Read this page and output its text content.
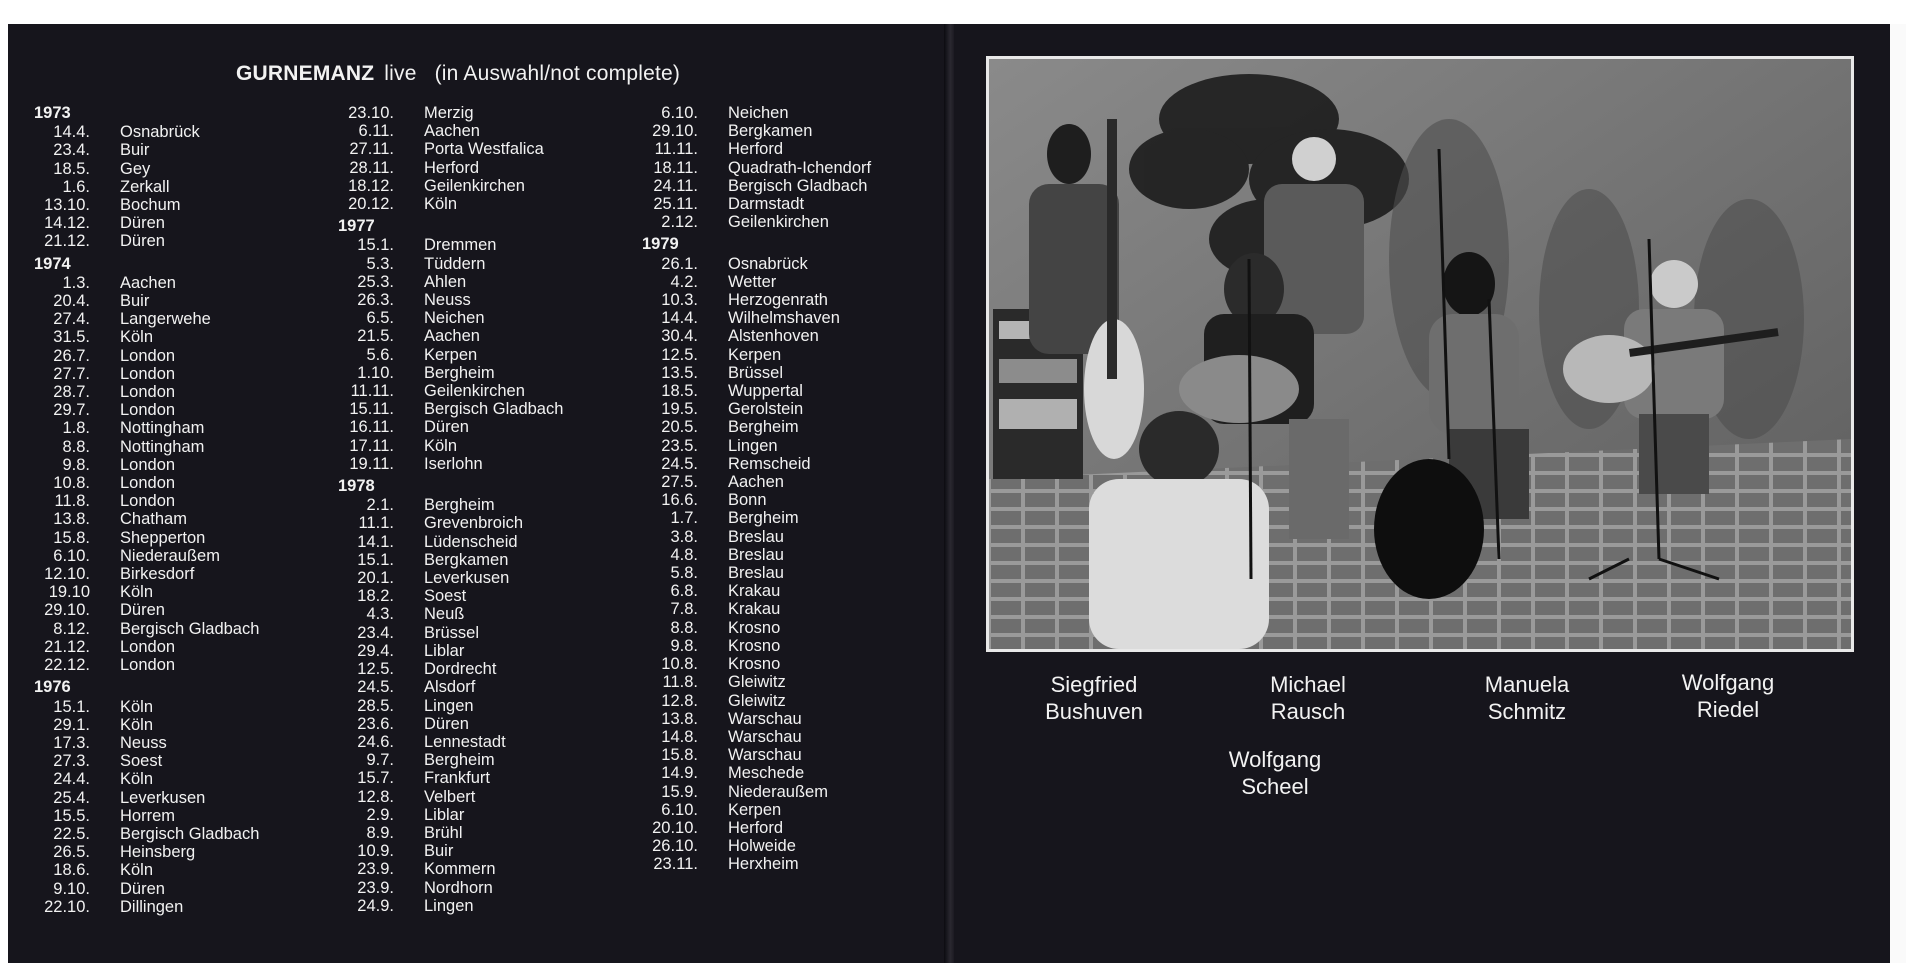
GURNEMANZ live (in Auswahl/not complete)
1973
14.4. Osnabrück
23.4. Buir
18.5. Gey
1.6. Zerkall
13.10. Bochum
14.12. Düren
21.12. Düren
1974
1.3. Aachen
20.4. Buir
27.4. Langerwehe
31.5. Köln
26.7. London
27.7. London
28.7. London
29.7. London
1.8. Nottingham
8.8. Nottingham
9.8. London
10.8. London
11.8. London
13.8. Chatham
15.8. Shepperton
6.10. Niederaußem
12.10. Birkesdorf
19.10 Köln
29.10. Düren
8.12. Bergisch Gladbach
21.12. London
22.12. London
1976
15.1. Köln
29.1. Köln
17.3. Neuss
27.3. Soest
24.4. Köln
25.4. Leverkusen
15.5. Horrem
22.5. Bergisch Gladbach
26.5. Heinsberg
18.6. Köln
9.10. Düren
22.10. Dillingen
23.10. Merzig
6.11. Aachen
27.11. Porta Westfalica
28.11. Herford
18.12. Geilenkirchen
20.12. Köln
1977
15.1. Dremmen
5.3. Tüddern
25.3. Ahlen
26.3. Neuss
6.5. Neichen
21.5. Aachen
5.6. Kerpen
1.10. Bergheim
11.11. Geilenkirchen
15.11. Bergisch Gladbach
16.11. Düren
17.11. Köln
19.11. Iserlohn
1978
2.1. Bergheim
11.1. Grevenbroich
14.1. Lüdenscheid
15.1. Bergkamen
20.1. Leverkusen
18.2. Soest
4.3. Neuß
23.4. Brüssel
29.4. Liblar
12.5. Dordrecht
24.5. Alsdorf
28.5. Lingen
23.6. Düren
24.6. Lennestadt
9.7. Bergheim
15.7. Frankfurt
12.8. Velbert
2.9. Liblar
8.9. Brühl
10.9. Buir
23.9. Kommern
23.9. Nordhorn
24.9. Lingen
6.10. Neichen
29.10. Bergkamen
11.11. Herford
18.11. Quadrath-Ichendorf
24.11. Bergisch Gladbach
25.11. Darmstadt
2.12. Geilenkirchen
1979
26.1. Osnabrück
4.2. Wetter
10.3. Herzogenrath
14.4. Wilhelmshaven
30.4. Alstenhoven
12.5. Kerpen
13.5. Brüssel
18.5. Wuppertal
19.5. Gerolstein
20.5. Bergheim
23.5. Lingen
24.5. Remscheid
27.5. Aachen
16.6. Bonn
1.7. Bergheim
3.8. Breslau
4.8. Breslau
5.8. Breslau
6.8. Krakau
7.8. Krakau
8.8. Krosno
9.8. Krosno
10.8. Krosno
11.8. Gleiwitz
12.8. Gleiwitz
13.8. Warschau
14.8. Warschau
15.8. Warschau
14.9. Meschede
15.9. Niederaußem
6.10. Kerpen
20.10. Herford
26.10. Holweide
23.11. Herxheim
Siegfried
Bushuven
Michael
Rausch
Manuela
Schmitz
Wolfgang
Riedel
Wolfgang
Scheel
